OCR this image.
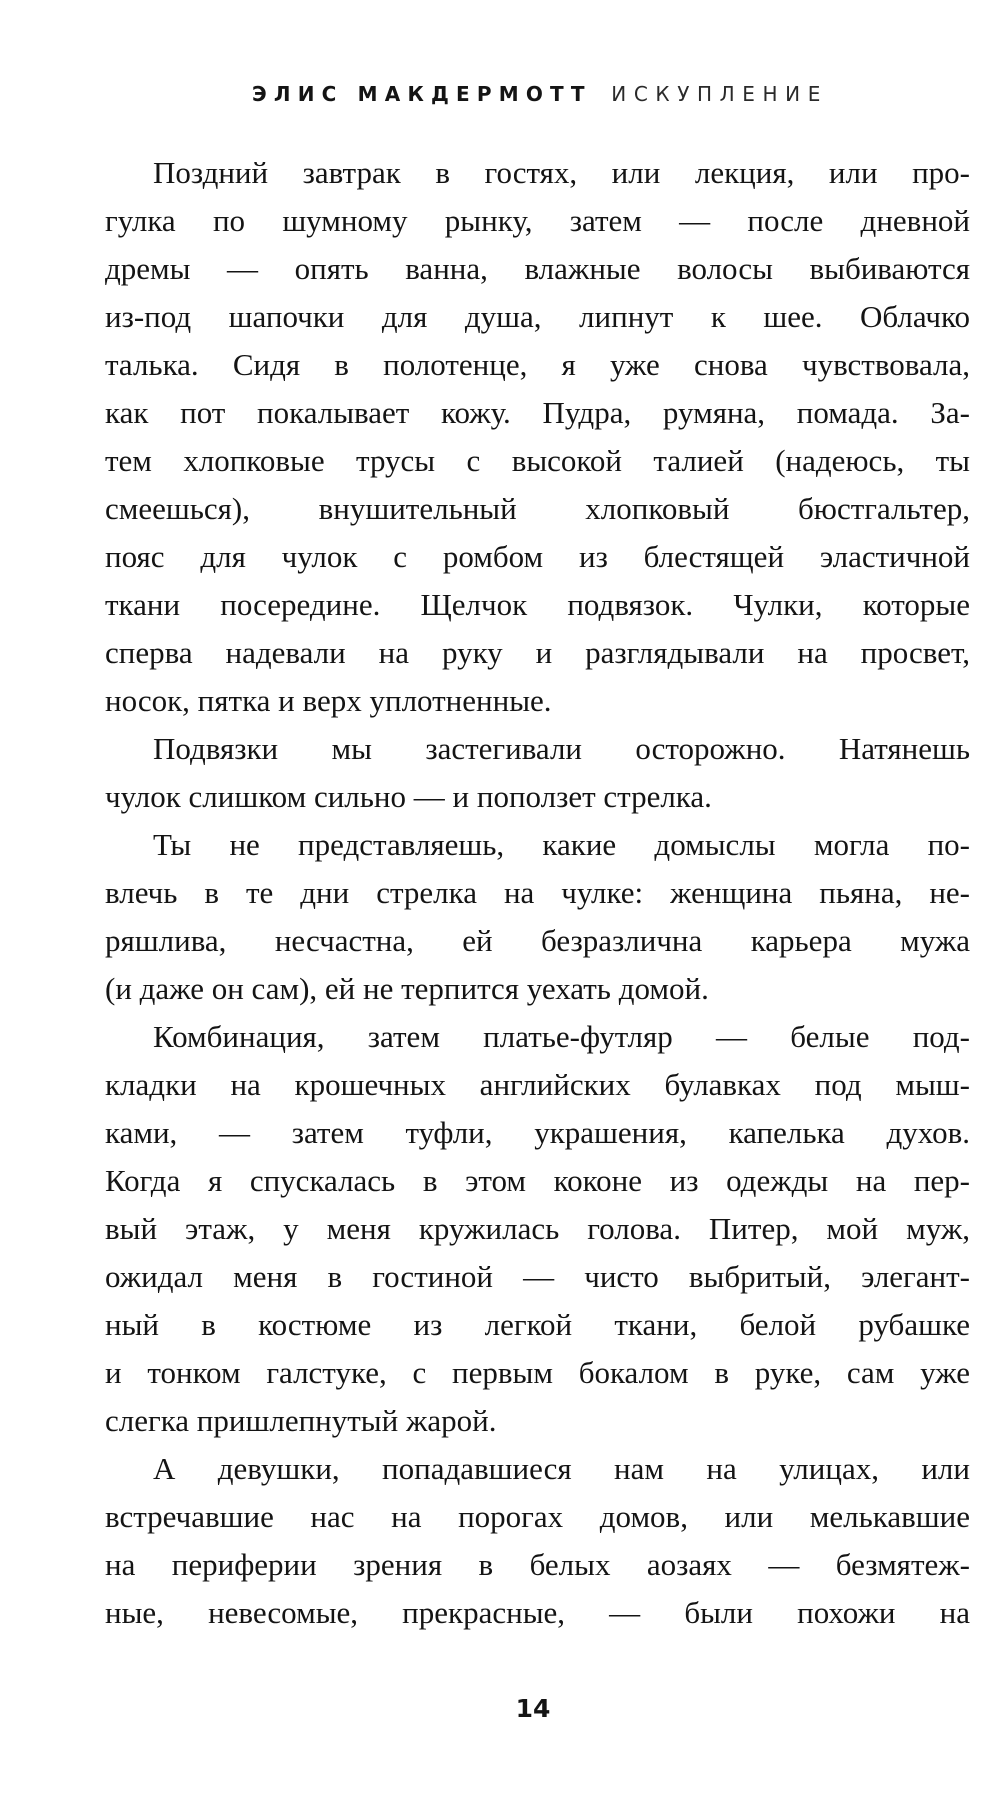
ЭЛИС МАКДЕРМОТТ ИСКУПЛЕНИЕ
Поздний завтрак в гостях, или лекция, или про-
гулка по шумному рынку, затем — после дневной
дремы — опять ванна, влажные волосы выбиваются
из-под шапочки для душа, липнут к шее. Облачко
талька. Сидя в полотенце, я уже снова чувствовала,
как пот покалывает кожу. Пудра, румяна, помада. За-
тем хлопковые трусы с высокой талией (надеюсь, ты
смеешься), внушительный хлопковый бюстгальтер,
пояс для чулок с ромбом из блестящей эластичной
ткани посередине. Щелчок подвязок. Чулки, которые
сперва надевали на руку и разглядывали на просвет,
носок, пятка и верх уплотненные.
Подвязки мы застегивали осторожно. Натянешь
чулок слишком сильно — и поползет стрелка.
Ты не представляешь, какие домыслы могла по-
влечь в те дни стрелка на чулке: женщина пьяна, не-
ряшлива, несчастна, ей безразлична карьера мужа
(и даже он сам), ей не терпится уехать домой.
Комбинация, затем платье-футляр — белые под-
кладки на крошечных английских булавках под мыш-
ками, — затем туфли, украшения, капелька духов.
Когда я спускалась в этом коконе из одежды на пер-
вый этаж, у меня кружилась голова. Питер, мой муж,
ожидал меня в гостиной — чисто выбритый, элегант-
ный в костюме из легкой ткани, белой рубашке
и тонком галстуке, с первым бокалом в руке, сам уже
слегка пришлепнутый жарой.
А девушки, попадавшиеся нам на улицах, или
встречавшие нас на порогах домов, или мелькавшие
на периферии зрения в белых аозаях — безмятеж-
ные, невесомые, прекрасные, — были похожи на
14
